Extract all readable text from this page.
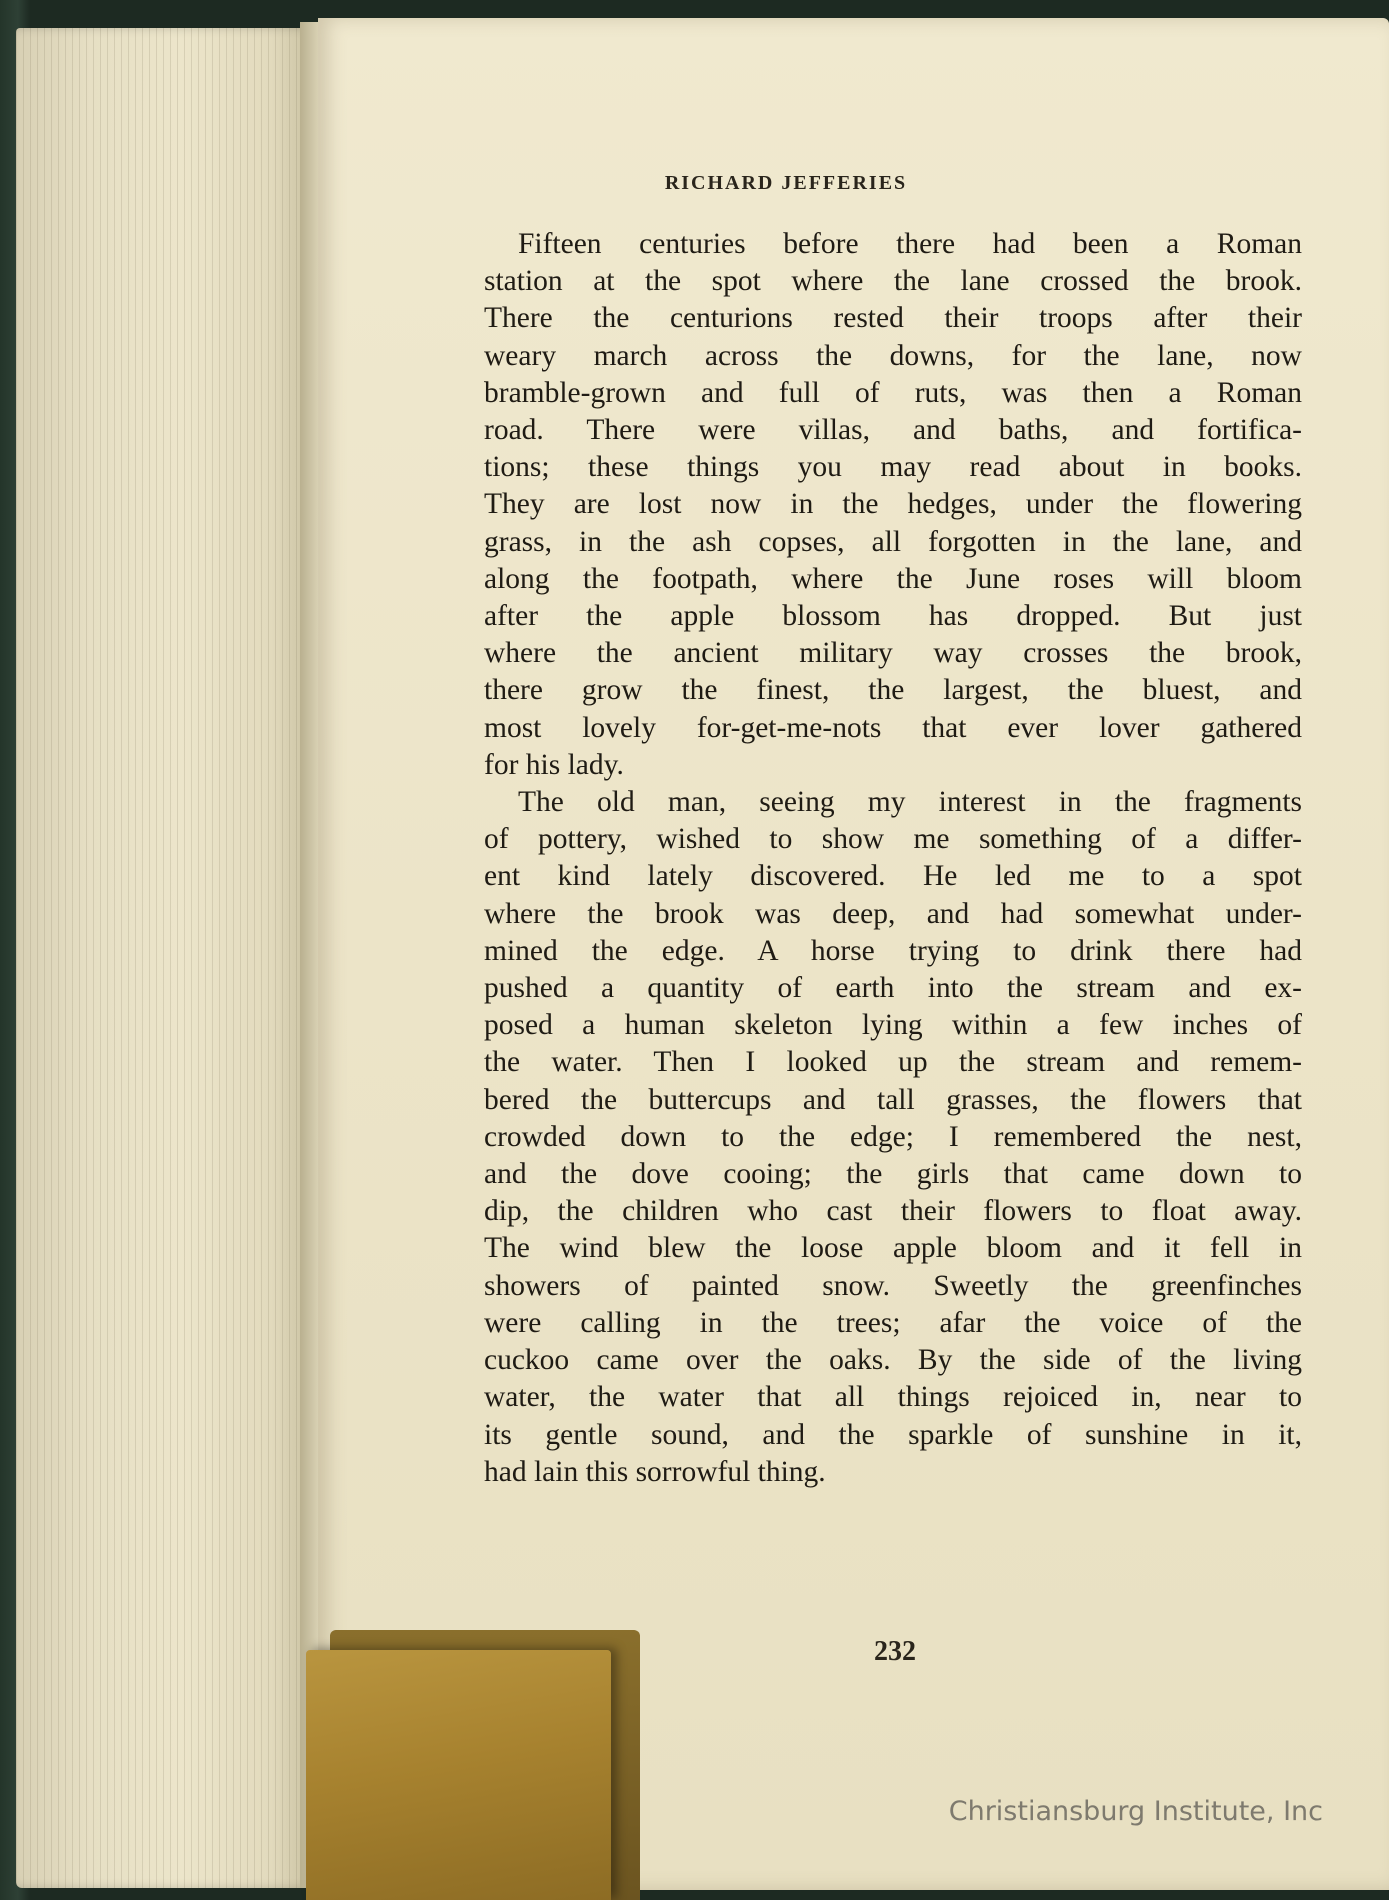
RICHARD JEFFERIES

Fifteen centuries before there had been a Roman
station at the spot where the lane crossed the brook.
There the centurions rested their troops after their
weary march across the downs, for the lane, now
bramble-grown and full of ruts, was then a Roman
road. There were villas, and baths, and fortifica-
tions; these things you may read about in books.
They are lost now in the hedges, under the flowering
grass, in the ash copses, all forgotten in the lane, and
along the footpath, where the June roses will bloom
after the apple blossom has dropped. But just
where the ancient military way crosses the brook,
there grow the finest, the largest, the bluest, and
most lovely for-get-me-nots that ever lover gathered
for his lady.

The old man, seeing my interest in the fragments
of pottery, wished to show me something of a differ-
ent kind lately discovered. He led me to a spot
where the brook was deep, and had somewhat under-
mined the edge. A horse trying to drink there had
pushed a quantity of earth into the stream and ex-
posed a human skeleton lying within a few inches of
the water. Then I looked up the stream and remem-
bered the buttercups and tall grasses, the flowers that
crowded down to the edge; I remembered the nest,
and the dove cooing; the girls that came down to
dip, the children who cast their flowers to float away.
The wind blew the loose apple bloom and it fell in
showers of painted snow. Sweetly the greenfinches
were calling in the trees; afar the voice of the
cuckoo came over the oaks. By the side of the living
water, the water that all things rejoiced in, near to
its gentle sound, and the sparkle of sunshine in it,
had lain this sorrowful thing.

232
Christiansburg Institute, Inc
